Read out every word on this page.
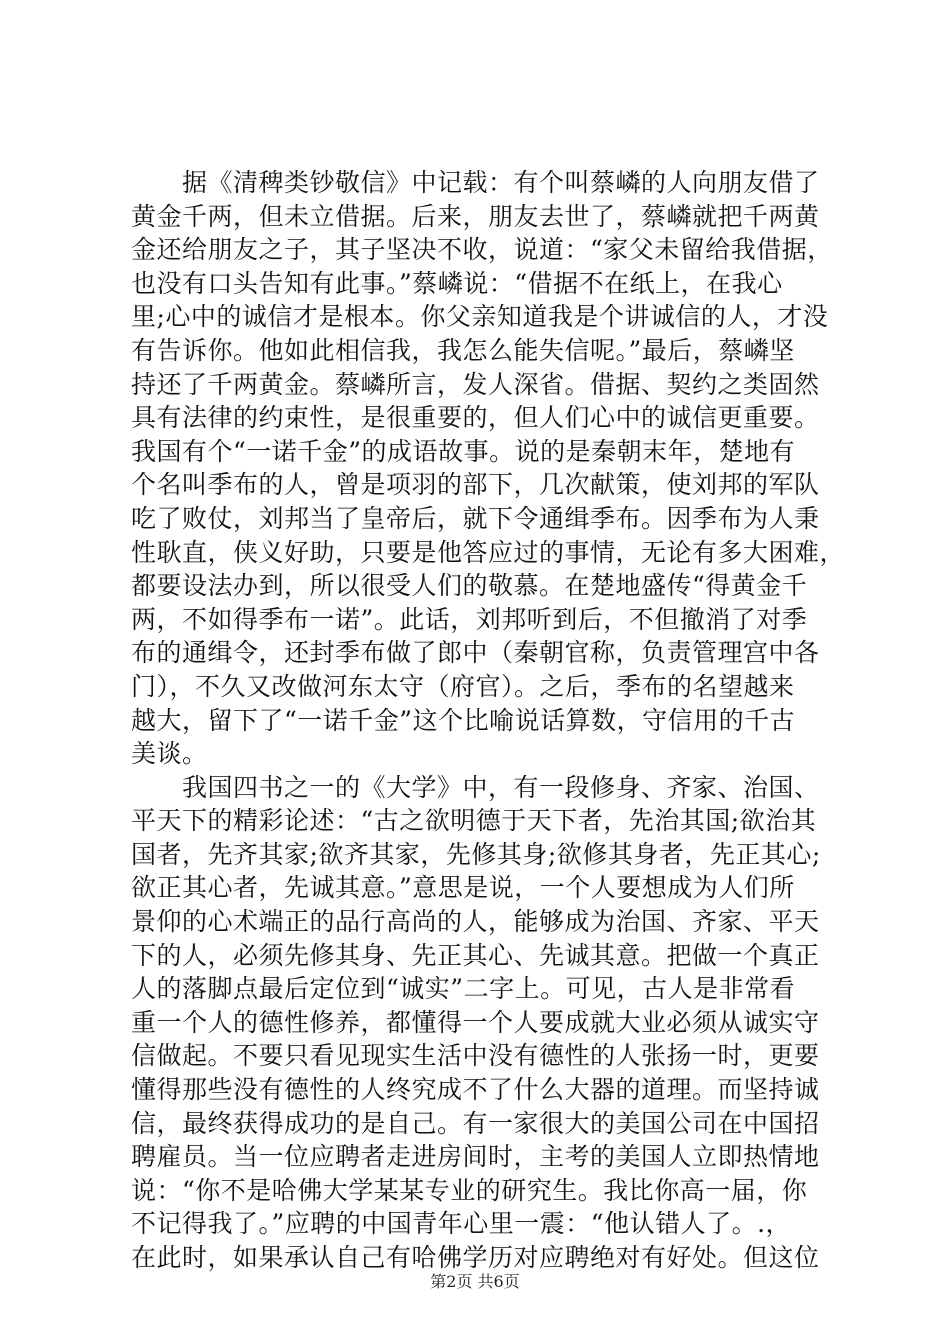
　　据《清稗类钞敬信》中记载：有个叫蔡嶙的人向朋友借了
黄金千两，但未立借据。后来，朋友去世了，蔡嶙就把千两黄
金还给朋友之子，其子坚决不收，说道：“家父未留给我借据，
也没有口头告知有此事。”蔡嶙说：“借据不在纸上，在我心
里;心中的诚信才是根本。你父亲知道我是个讲诚信的人，才没
有告诉你。他如此相信我，我怎么能失信呢。”最后，蔡嶙坚
持还了千两黄金。蔡嶙所言，发人深省。借据、契约之类固然
具有法律的约束性，是很重要的，但人们心中的诚信更重要。
我国有个“一诺千金”的成语故事。说的是秦朝末年，楚地有
个名叫季布的人，曾是项羽的部下，几次献策，使刘邦的军队
吃了败仗，刘邦当了皇帝后，就下令通缉季布。因季布为人秉
性耿直，侠义好助，只要是他答应过的事情，无论有多大困难，
都要设法办到，所以很受人们的敬慕。在楚地盛传“得黄金千
两，不如得季布一诺”。此话，刘邦听到后，不但撤消了对季
布的通缉令，还封季布做了郎中（秦朝官称，负责管理宫中各
门），不久又改做河东太守（府官）。之后，季布的名望越来
越大，留下了“一诺千金”这个比喻说话算数，守信用的千古
美谈。
　　我国四书之一的《大学》中，有一段修身、齐家、治国、
平天下的精彩论述：“古之欲明德于天下者，先治其国;欲治其
国者，先齐其家;欲齐其家，先修其身;欲修其身者，先正其心;
欲正其心者，先诚其意。”意思是说，一个人要想成为人们所
景仰的心术端正的品行高尚的人，能够成为治国、齐家、平天
下的人，必须先修其身、先正其心、先诚其意。把做一个真正
人的落脚点最后定位到“诚实”二字上。可见，古人是非常看
重一个人的德性修养，都懂得一个人要成就大业必须从诚实守
信做起。不要只看见现实生活中没有德性的人张扬一时，更要
懂得那些没有德性的人终究成不了什么大器的道理。而坚持诚
信，最终获得成功的是自己。有一家很大的美国公司在中国招
聘雇员。当一位应聘者走进房间时，主考的美国人立即热情地
说：“你不是哈佛大学某某专业的研究生。我比你高一届，你
不记得我了。”应聘的中国青年心里一震：“他认错人了。.，
在此时，如果承认自己有哈佛学历对应聘绝对有好处。但这位
第2页 共6页
